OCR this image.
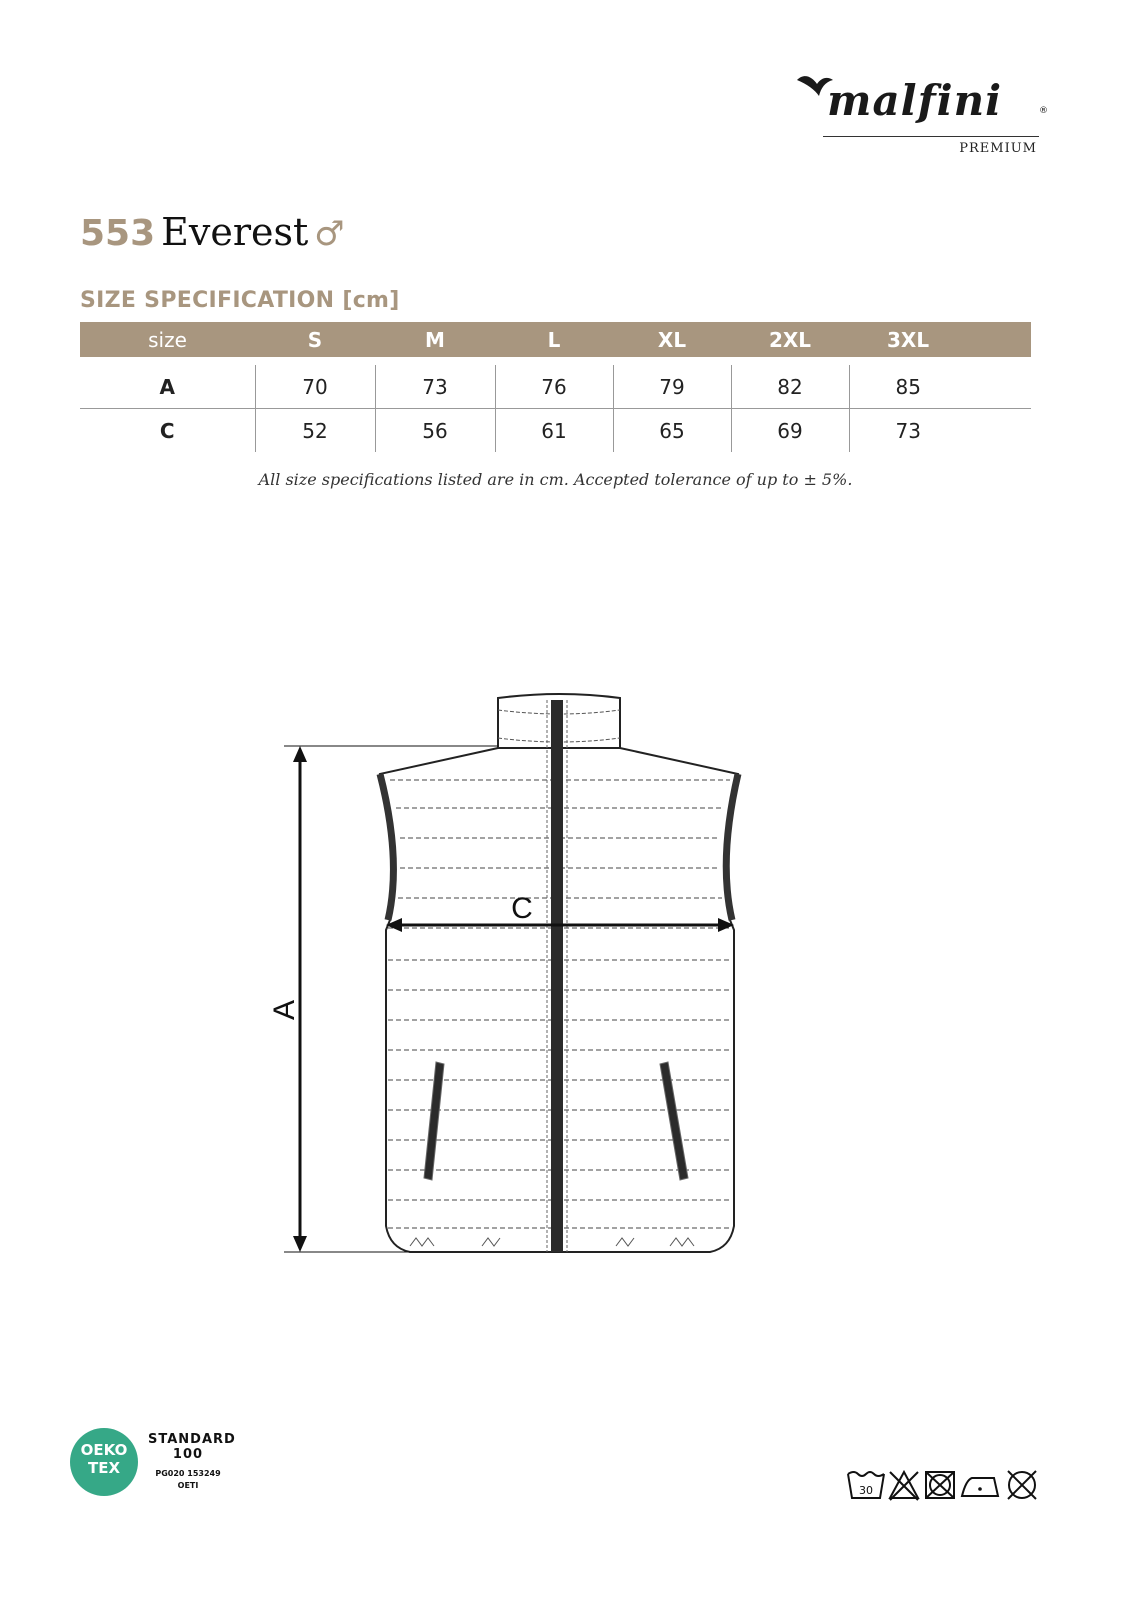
malfini	®
PREMIUM
553 Everest ♂
SIZE SPECIFICATION [cm]
size	S	M	L	XL	2XL	3XL

A	70	73	76	79	82	85
C	52	56	61	65	69	73
All size specifications listed are in cm. Accepted tolerance of up to ± 5%.
A
C
OEKO
TEX
STANDARD
100
PG020 153249
OETI	30
